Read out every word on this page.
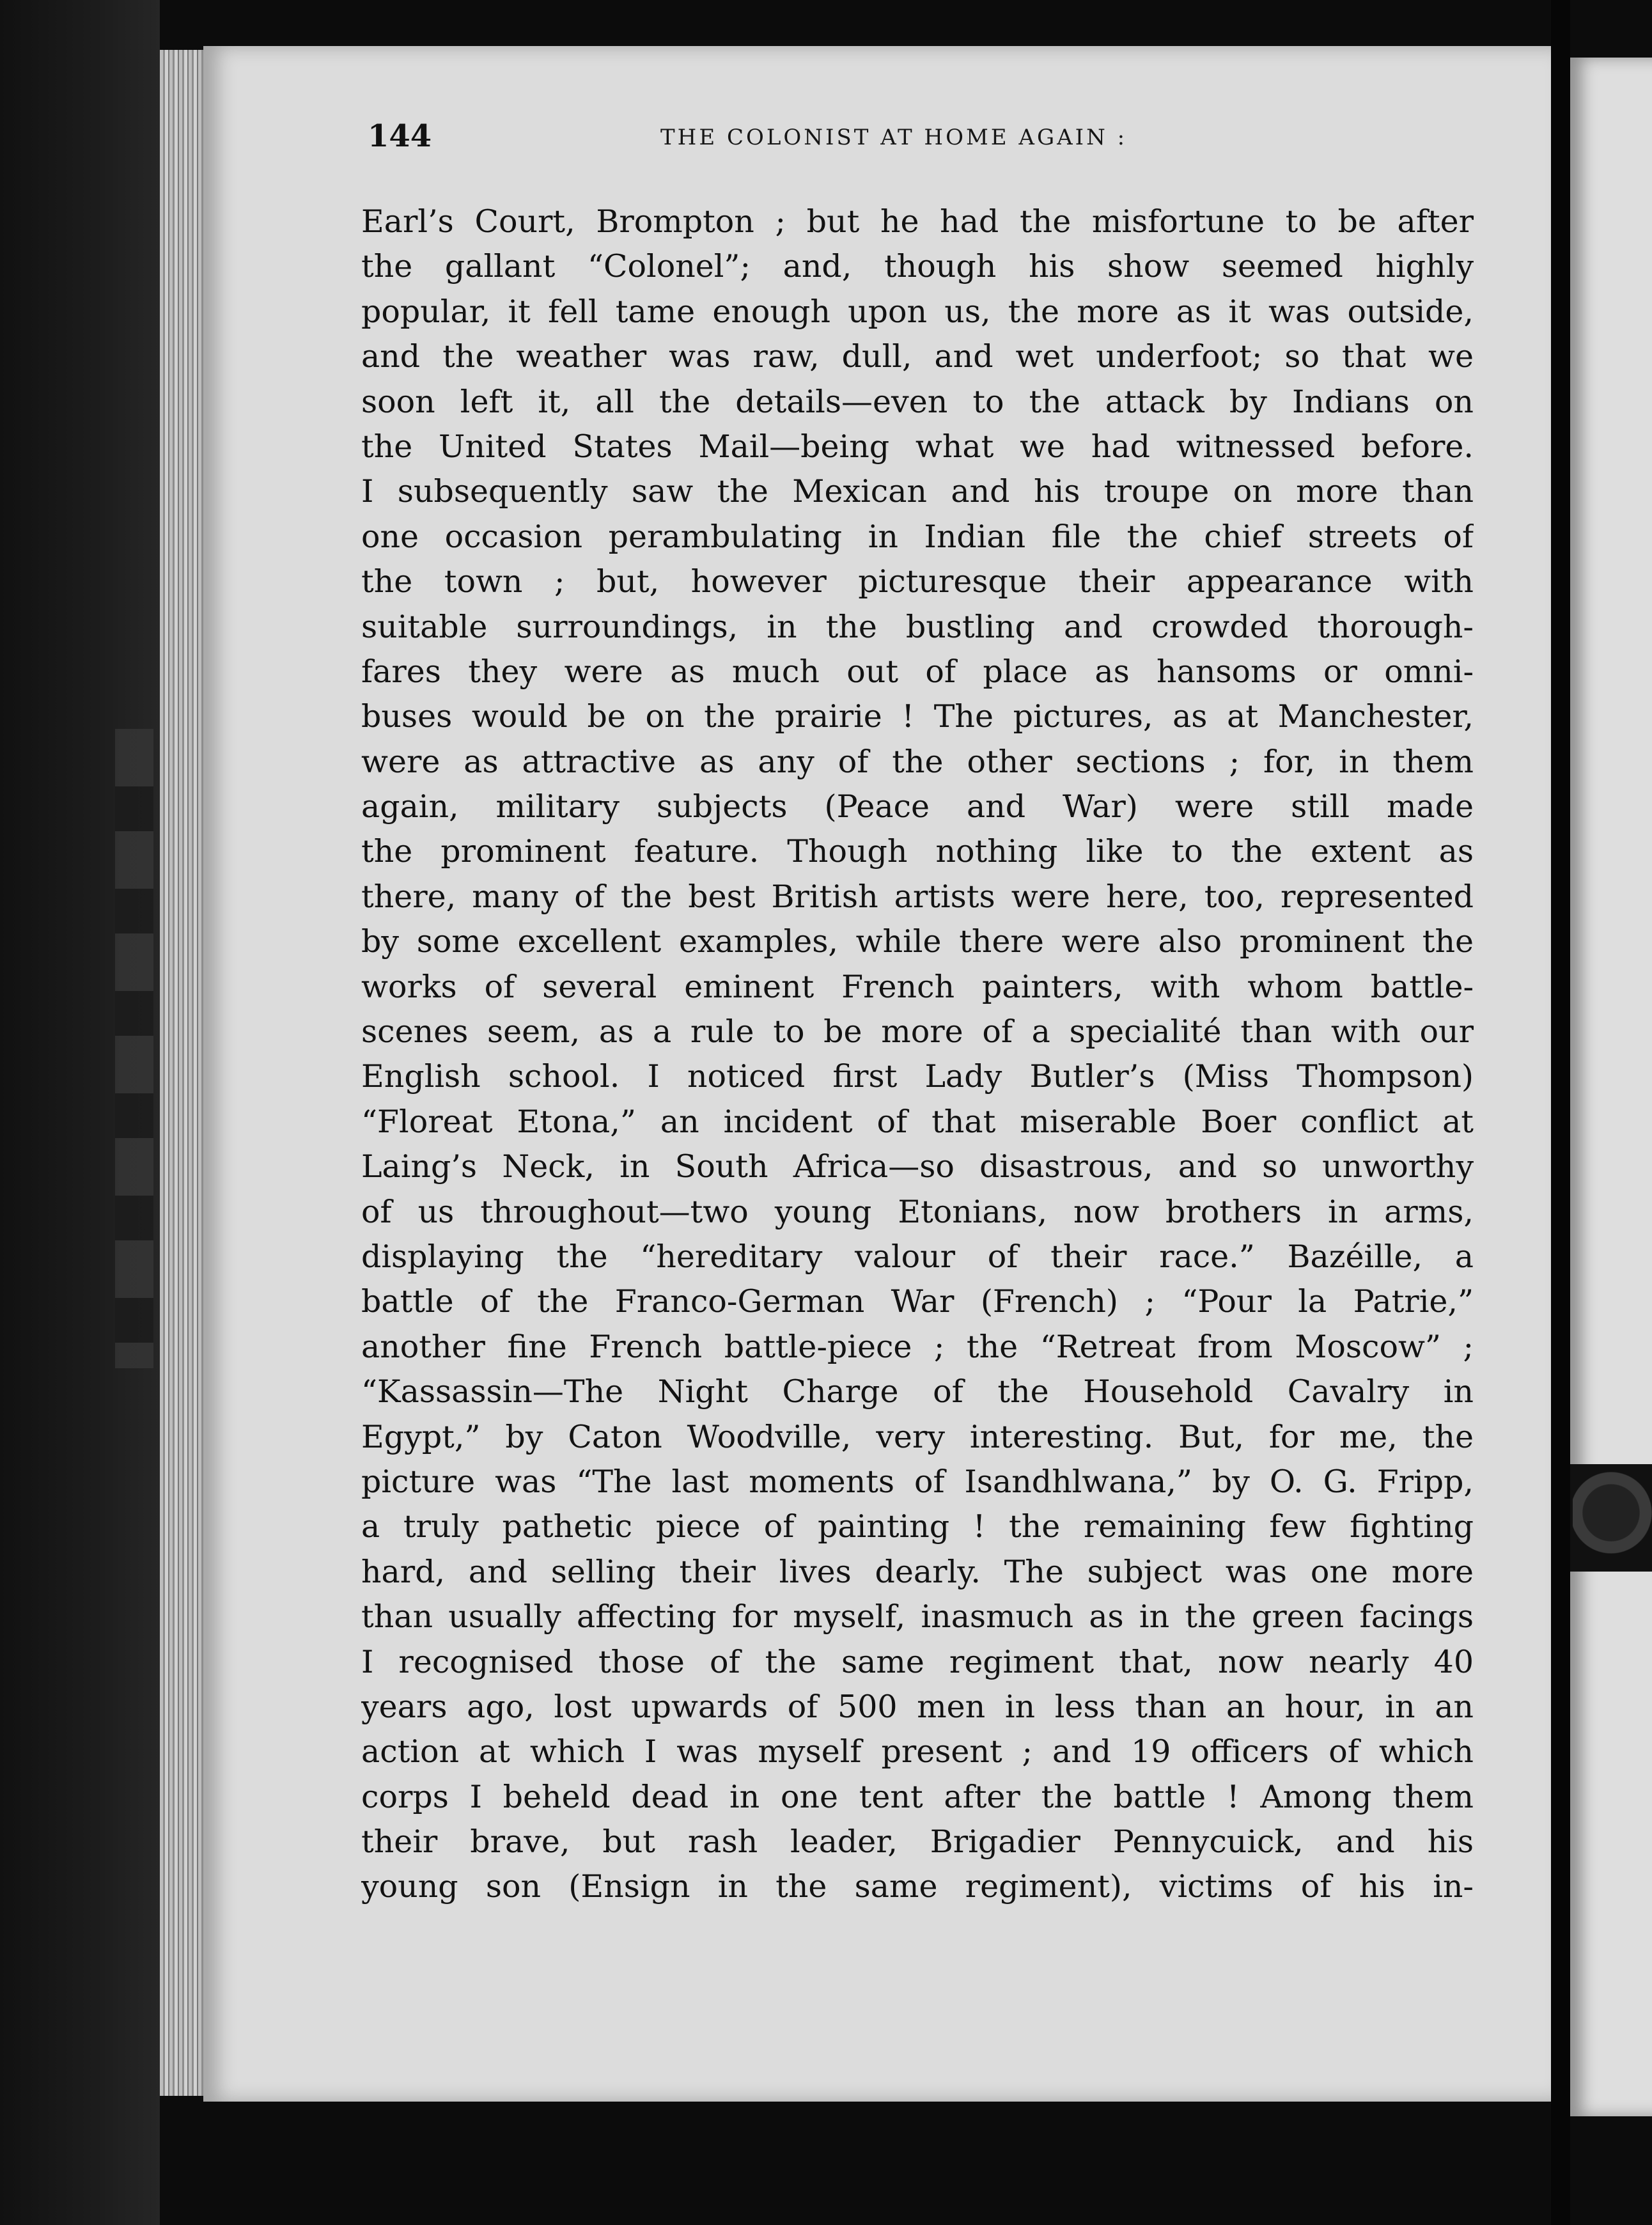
144	THE COLONIST AT HOME AGAIN :
Earl’s Court, Brompton ; but he had the misfortune to be after
the gallant “Colonel”; and, though his show seemed highly
popular, it fell tame enough upon us, the more as it was outside,
and the weather was raw, dull, and wet underfoot; so that we
soon left it, all the details—even to the attack by Indians on
the United States Mail—being what we had witnessed before.
I subsequently saw the Mexican and his troupe on more than
one occasion perambulating in Indian file the chief streets of
the town ; but, however picturesque their appearance with
suitable surroundings, in the bustling and crowded thorough-
fares they were as much out of place as hansoms or omni-
buses would be on the prairie ! The pictures, as at Manchester,
were as attractive as any of the other sections ; for, in them
again, military subjects (Peace and War) were still made
the prominent feature. Though nothing like to the extent as
there, many of the best British artists were here, too, represented
by some excellent examples, while there were also prominent the
works of several eminent French painters, with whom battle-
scenes seem, as a rule to be more of a specialité than with our
English school. I noticed first Lady Butler’s (Miss Thompson)
“Floreat Etona,” an incident of that miserable Boer conflict at
Laing’s Neck, in South Africa—so disastrous, and so unworthy
of us throughout—two young Etonians, now brothers in arms,
displaying the “hereditary valour of their race.” Bazéille, a
battle of the Franco-German War (French) ; “Pour la Patrie,”
another fine French battle-piece ; the “Retreat from Moscow” ;
“Kassassin—The Night Charge of the Household Cavalry in
Egypt,” by Caton Woodville, very interesting. But, for me, the
picture was “The last moments of Isandhlwana,” by O. G. Fripp,
a truly pathetic piece of painting ! the remaining few fighting
hard, and selling their lives dearly. The subject was one more
than usually affecting for myself, inasmuch as in the green facings
I recognised those of the same regiment that, now nearly 40
years ago, lost upwards of 500 men in less than an hour, in an
action at which I was myself present ; and 19 officers of which
corps I beheld dead in one tent after the battle ! Among them
their brave, but rash leader, Brigadier Pennycuick, and his
young son (Ensign in the same regiment), victims of his in-
